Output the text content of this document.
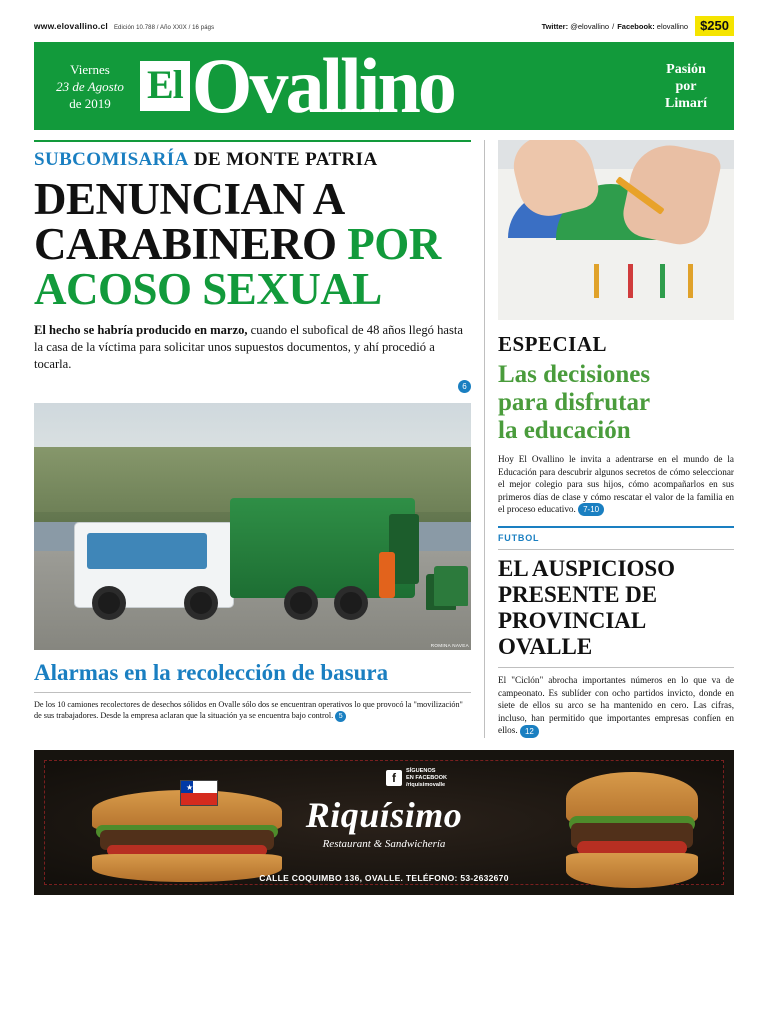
www.elovallino.cl Edición 10.788 / Año XXIX / 16 págs	Twitter: @elovallino / Facebook: elovallino $250
Viernes
23 de Agosto
de 2019 El Ovallino	Pasión
por
Limarí
SUBCOMISARÍA DE MONTE PATRIA
DENUNCIAN A
CARABINERO POR
ACOSO SEXUAL
El hecho se habría producido en marzo, cuando el subofical de 48 años llegó hasta la casa de la víctima para solicitar unos supuestos documentos, y ahí procedió a tocarla.
6
ROMINA NAVEA
Alarmas en la recolección de basura
De los 10 camiones recolectores de desechos sólidos en Ovalle sólo dos se encuentran operativos lo que provocó la "movilización" de sus trabajadores. Desde la empresa aclaran que la situación ya se encuentra bajo control. 5
ESPECIAL
Las decisiones
para disfrutar
la educación
Hoy El Ovallino le invita a adentrarse en el mundo de la Educación para descubrir algunos secretos de cómo seleccionar el mejor colegio para sus hijos, cómo acompañarlos en sus primeros días de clase y cómo rescatar el valor de la familia en el proceso educativo. 7-10
FUTBOL
EL AUSPICIOSO
PRESENTE DE
PROVINCIAL OVALLE
El "Ciclón" abrocha importantes números en lo que va de campeonato. Es sublíder con ocho partidos invicto, donde en siete de ellos su arco se ha mantenido en cero. Las cifras, incluso, han permitido que importantes empresas confíen en ellos. 12
★
f
SÍGUENOS
EN FACEBOOK
/riquisimovalle
Riquísimo
Restaurant & Sandwichería
CALLE COQUIMBO 136, OVALLE. TELÉFONO: 53-2632670
